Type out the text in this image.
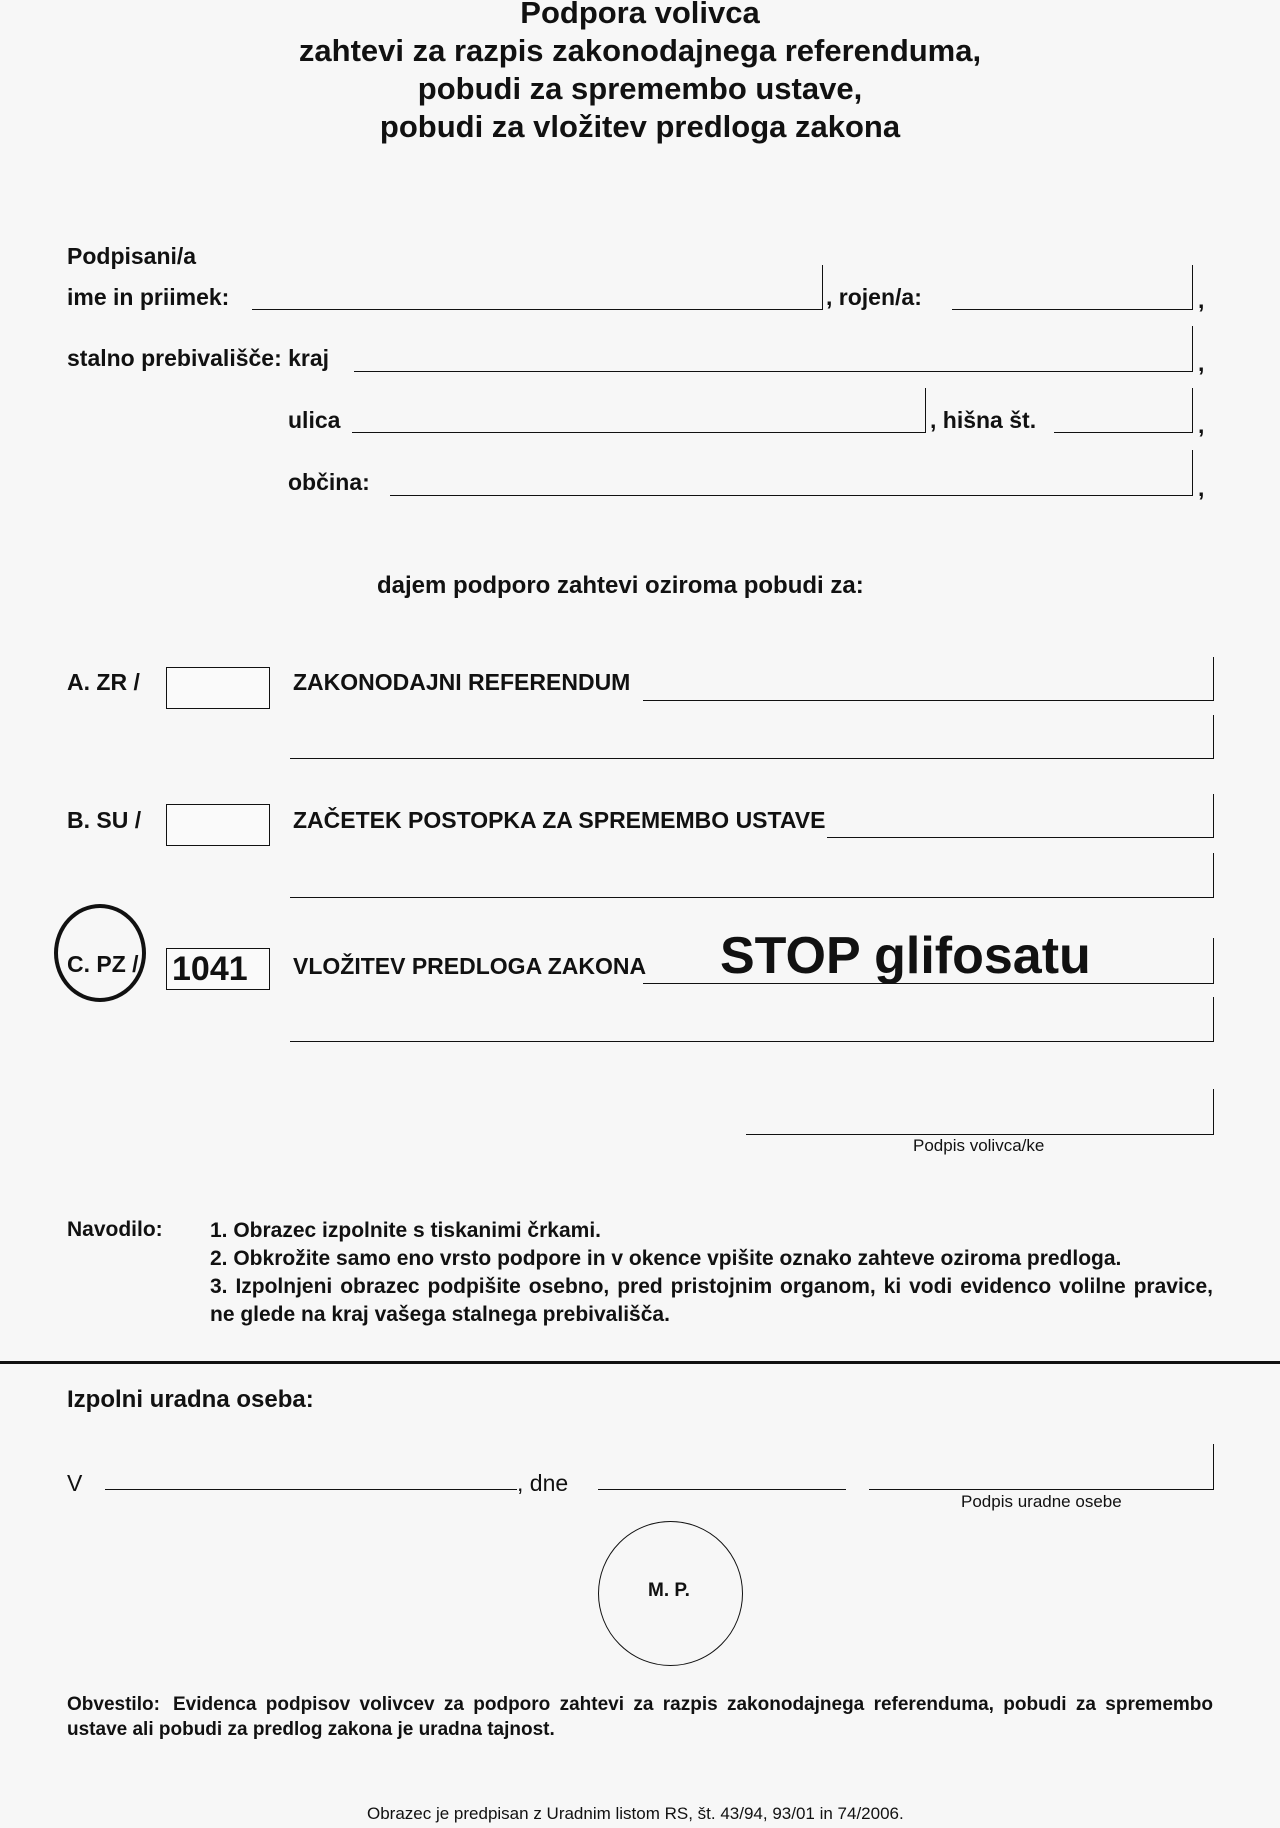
Podpora volivca
zahtevi za razpis zakonodajnega referenduma,
pobudi za spremembo ustave,
pobudi za vložitev predloga zakona
Podpisani/a
ime in priimek:	, rojen/a:	,
stalno prebivališče: kraj	,
ulica	, hišna št.	,
občina:	,
dajem podporo zahtevi oziroma pobudi za:
A. ZR /	ZAKONODAJNI REFERENDUM
B. SU /	ZAČETEK POSTOPKA ZA SPREMEMBO USTAVE
C. PZ / 1041	VLOŽITEV PREDLOGA ZAKONA STOP glifosatu
Podpis volivca/ke
Navodilo: 1. Obrazec izpolnite s tiskanimi črkami.
2. Obkrožite samo eno vrsto podpore in v okence vpišite oznako zahteve oziroma predloga.
3. Izpolnjeni obrazec podpišite osebno, pred pristojnim organom, ki vodi evidenco volilne pravice, ne glede na kraj vašega stalnega prebivališča.
Izpolni uradna oseba:
V	, dne
Podpis uradne osebe
M. P.
Obvestilo: Evidenca podpisov volivcev za podporo zahtevi za razpis zakonodajnega referenduma, pobudi za spremembo ustave ali pobudi za predlog zakona je uradna tajnost.
Obrazec je predpisan z Uradnim listom RS, št. 43/94, 93/01 in 74/2006.
